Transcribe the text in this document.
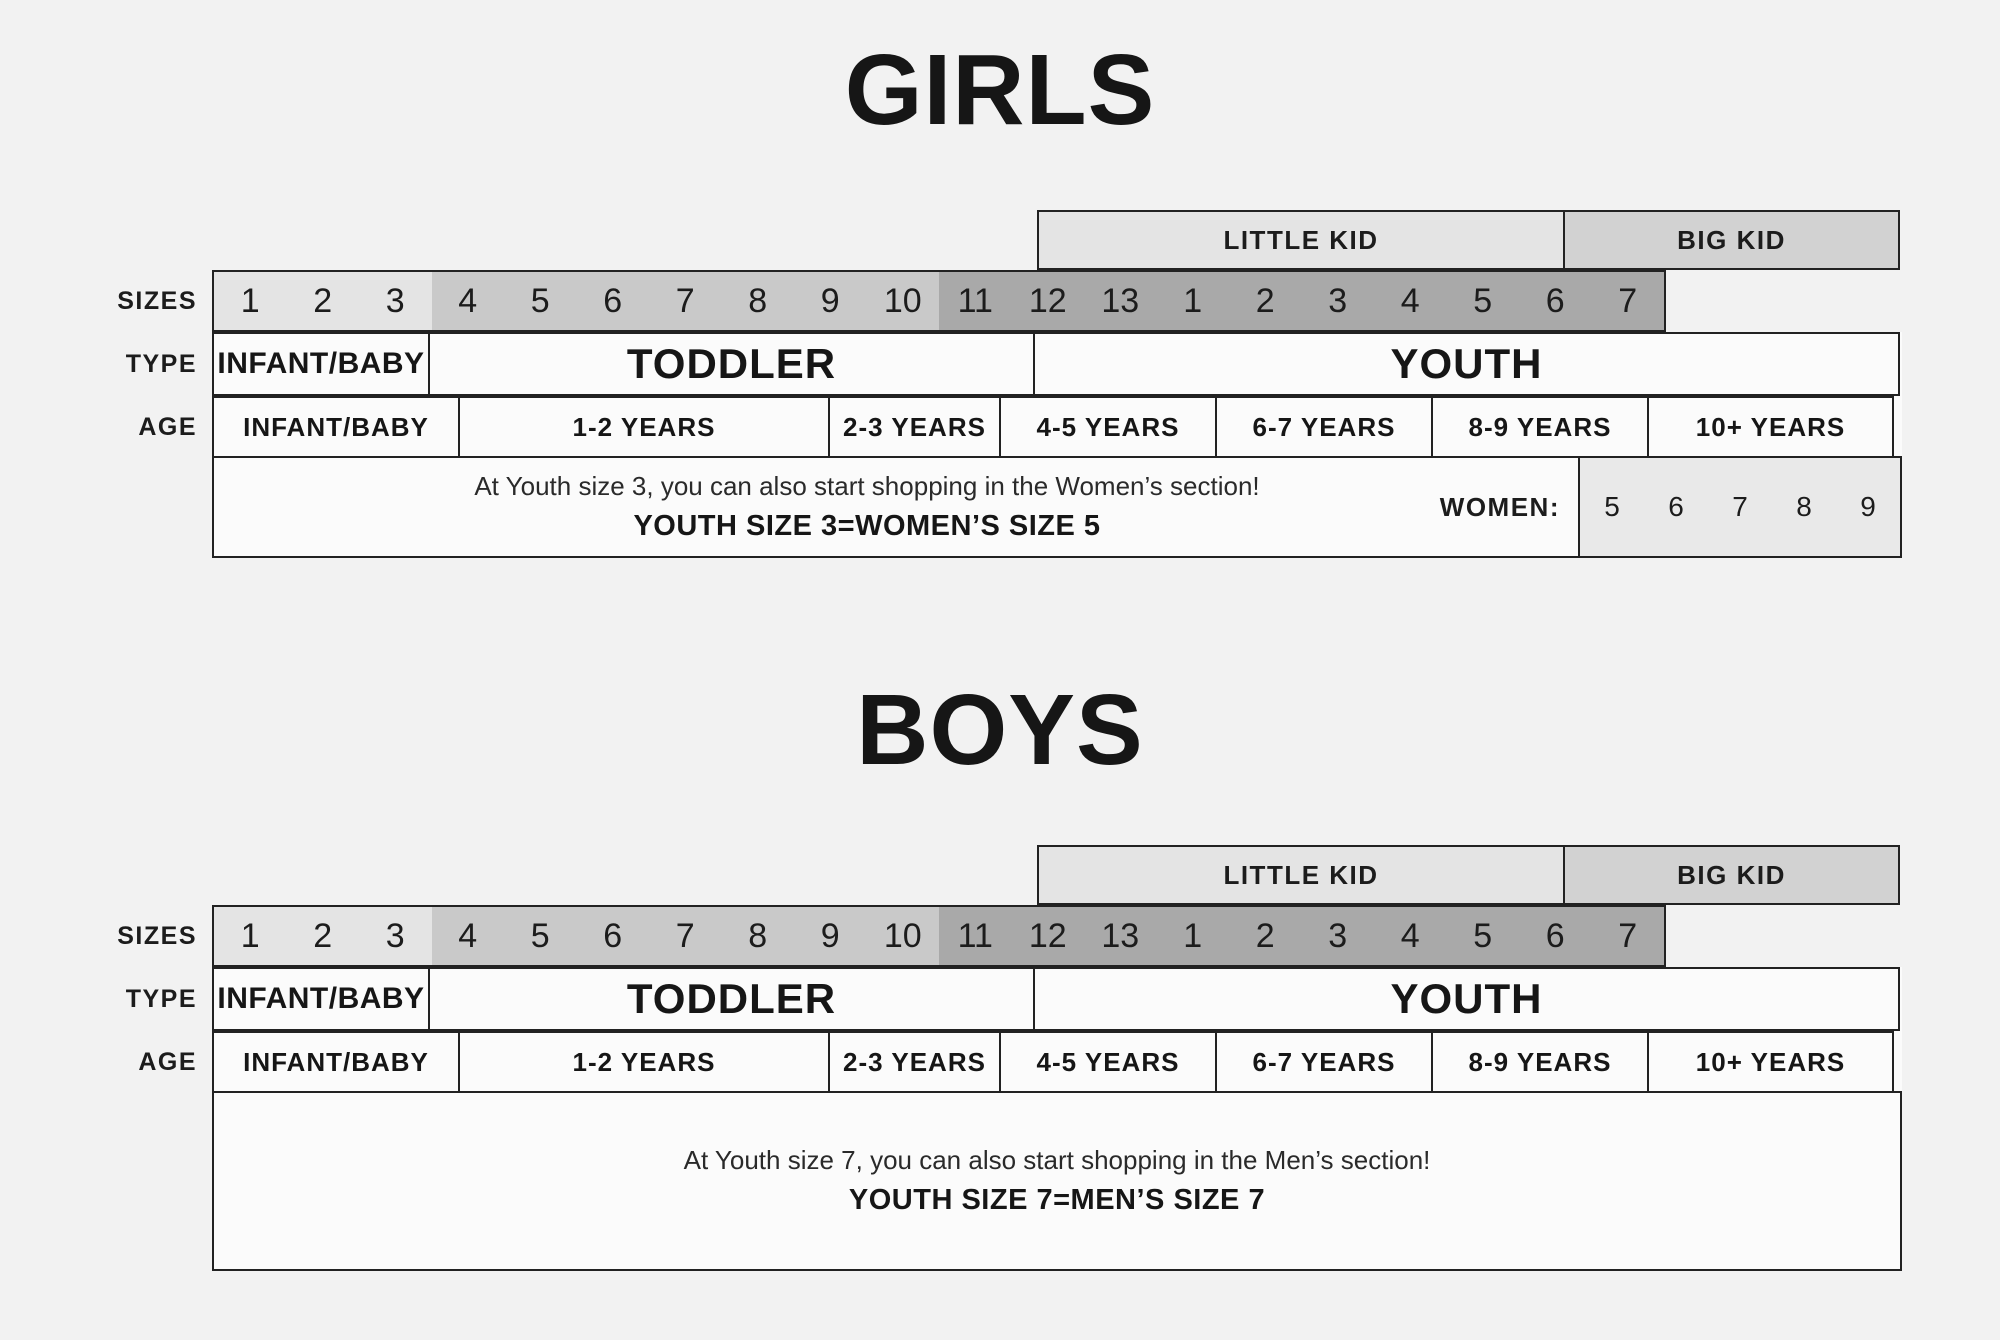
GIRLS
LITTLE KID	BIG KID
SIZES	1	2	3	4	5	6	7	8	9	10	11	12	13	1	2	3	4	5	6	7
TYPE INFANT/BABY	TODDLER	YOUTH
AGE	INFANT/BABY	1-2 YEARS	2-3 YEARS	4-5 YEARS	6-7 YEARS	8-9 YEARS	10+ YEARS
At Youth size 3, you can also start shopping in the Women’s section!
YOUTH SIZE 3=WOMEN’S SIZE 5
WOMEN:	5	6	7	8	9
BOYS
LITTLE KID	BIG KID
SIZES	1	2	3	4	5	6	7	8	9	10	11	12	13	1	2	3	4	5	6	7
TYPE INFANT/BABY	TODDLER	YOUTH
AGE	INFANT/BABY	1-2 YEARS	2-3 YEARS	4-5 YEARS	6-7 YEARS	8-9 YEARS	10+ YEARS
At Youth size 7, you can also start shopping in the Men’s section!
YOUTH SIZE 7=MEN’S SIZE 7
